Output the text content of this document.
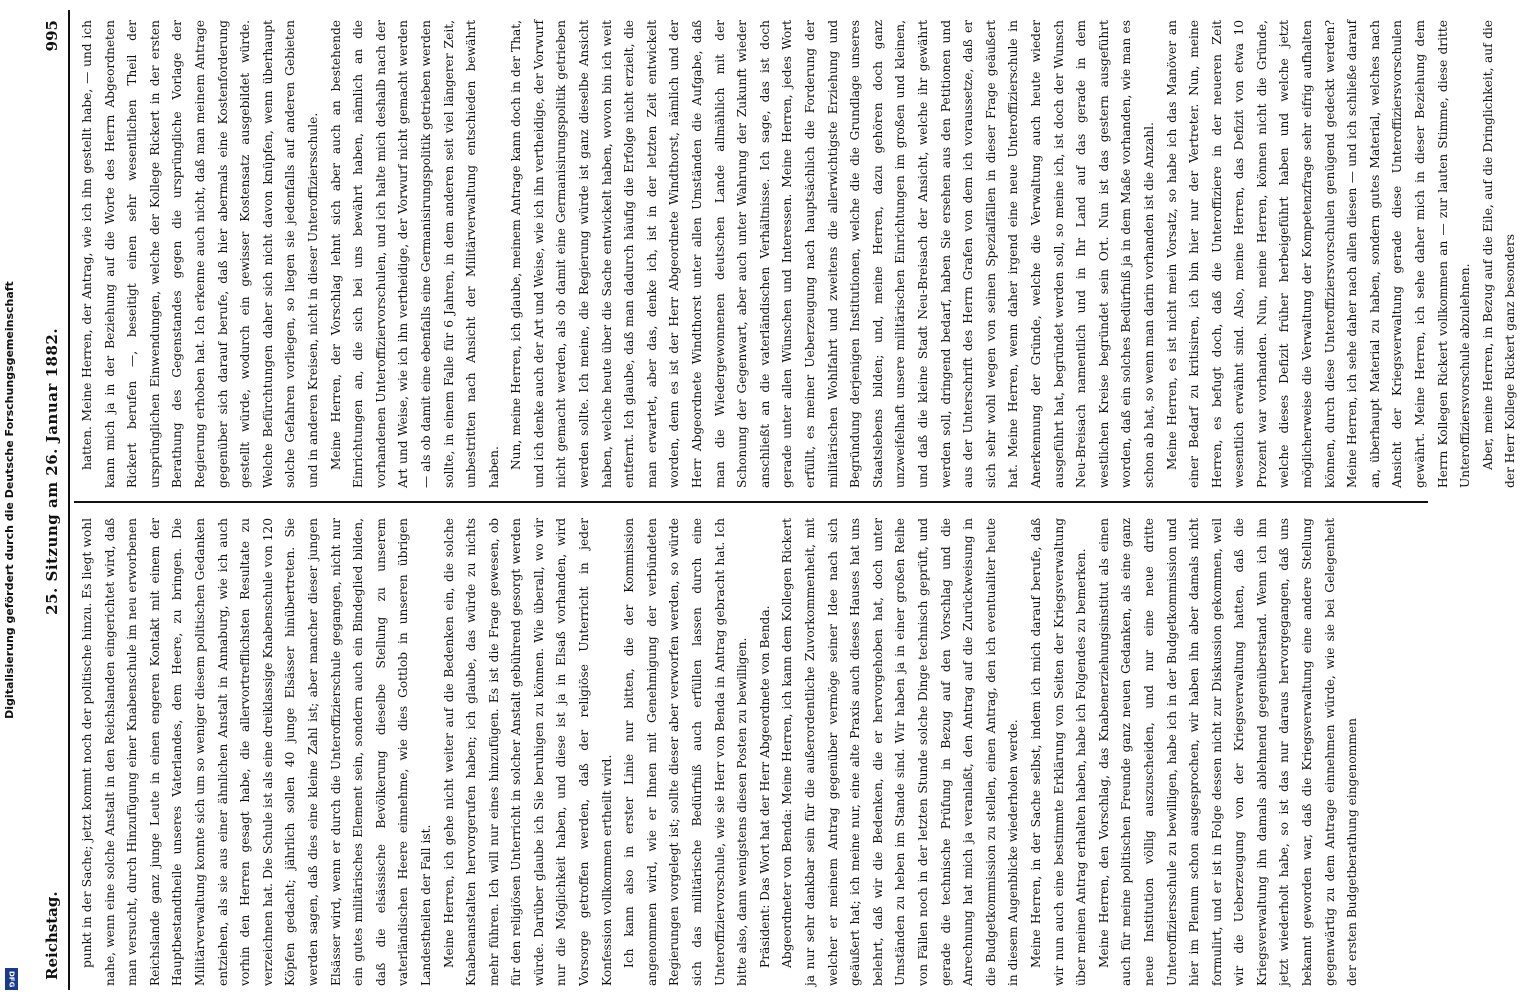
Digitalisierung gefördert durch die Deutsche Forschungsgemeinschaft
DFG Reichstag.
25. Sitzung am 26. Januar 1882.
995

punkt in der Sache; jetzt kommt noch der politische hinzu. Es liegt wohl nahe, wenn eine solche Anstalt in den Reichslanden eingerichtet wird, daß man versucht, durch Hinzufügung einer Knabenschule im neu erworbenen Reichslande ganz junge Leute in einen engeren Kontakt mit einem der Hauptbestandtheile unseres Vaterlandes, dem Heere, zu bringen. Die Militärverwaltung konnte sich um so weniger diesem politischen Gedanken entziehen, als sie aus einer ähnlichen Anstalt in Annaburg, wie ich auch vorhin den Herren gesagt habe, die allervortrefflichsten Resultate zu verzeichnen hat. Die Schule ist als eine dreiklassige Knabenschule von 120 Köpfen gedacht; jährlich sollen 40 junge Elsässer hinübertreten. Sie werden sagen, daß dies eine kleine Zahl ist; aber mancher dieser jungen Elsässer wird, wenn er durch die Unteroffizierschule gegangen, nicht nur ein gutes militärisches Element sein, sondern auch ein Bindeglied bilden, daß die elsässische Bevölkerung dieselbe Stellung zu unserem vaterländischen Heere einnehme, wie dies Gottlob in unseren übrigen Landestheilen der Fall ist. Meine Herren, ich gehe nicht weiter auf die Bedenken ein, die solche Knabenanstalten hervorgerufen haben; ich glaube, das würde zu nichts mehr führen. Ich will nur eines hinzufügen. Es ist die Frage gewesen, ob für den religiösen Unterricht in solcher Anstalt gebührend gesorgt werden würde. Darüber glaube ich Sie beruhigen zu können. Wie überall, wo wir nur die Möglichkeit haben, und diese ist ja in Elsaß vorhanden, wird Vorsorge getroffen werden, daß der religiöse Unterricht in jeder Konfession vollkommen ertheilt wird. Ich kann also in erster Linie nur bitten, die der Kommission angenommen wird, wie er Ihnen mit Genehmigung der verbündeten Regierungen vorgelegt ist; sollte dieser aber verworfen werden, so würde sich das militärische Bedürfniß auch erfüllen lassen durch eine Unteroffiziervorschule, wie sie Herr von Benda in Antrag gebracht hat. Ich bitte also, dann wenigstens diesen Posten zu bewilligen. Präsident: Das Wort hat der Herr Abgeordnete von Benda. Abgeordneter von Benda: Meine Herren, ich kann dem Kollegen Rickert ja nur sehr dankbar sein für die außerordentliche Zuvorkommenheit, mit welcher er meinem Antrag gegenüber vermöge seiner Idee nach sich geäußert hat; ich meine nur, eine alte Praxis auch dieses Hauses hat uns belehrt, daß wir die Bedenken, die er hervorgehoben hat, doch unter Umständen zu heben im Stande sind. Wir haben ja in einer großen Reihe von Fällen noch in der letzten Stunde solche Dinge technisch geprüft, und gerade die technische Prüfung in Bezug auf den Vorschlag und die Anrechnung hat mich ja veranlaßt, den Antrag auf die Zurückweisung in die Budgetkommission zu stellen, einen Antrag, den ich eventualiter heute in diesem Augenblicke wiederholen werde. Meine Herren, in der Sache selbst, indem ich mich darauf berufe, daß wir nun auch eine bestimmte Erklärung von Seiten der Kriegsverwaltung über meinen Antrag erhalten haben, habe ich Folgendes zu bemerken. Meine Herren, den Vorschlag, das Knabenerziehungsinstitut als einen auch für meine politischen Freunde ganz neuen Gedanken, als eine ganz neue Institution völlig auszuscheiden, und nur eine neue dritte Unteroffiziersschule zu bewilligen, habe ich in der Budgetkommission und hier im Plenum schon ausgesprochen, wir haben ihn aber damals nicht formulirt, und er ist in Folge dessen nicht zur Diskussion gekommen, weil wir die Ueberzeugung von der Kriegsverwaltung hatten, daß die Kriegsverwaltung ihn damals ablehnend gegenüberstand. Wenn ich ihn jetzt wiederholt habe, so ist das nur daraus hervorgegangen, daß uns bekannt geworden war, daß die Kriegsverwaltung eine andere Stellung gegenwärtig zu dem Antrage einnehmen würde, wie sie bei Gelegenheit der ersten Budgetberathung eingenommen

hatten. Meine Herren, der Antrag, wie ich ihn gestellt habe, — und ich kann mich ja in der Beziehung auf die Worte des Herrn Abgeordneten Rickert berufen —, beseitigt einen sehr wesentlichen Theil der ursprünglichen Einwendungen, welche der Kollege Rickert in der ersten Berathung des Gegenstandes gegen die ursprüngliche Vorlage der Regierung erhoben hat. Ich erkenne auch nicht, daß man meinem Antrage gegenüber sich darauf berufe, daß hier abermals eine Kostenforderung gestellt würde, wodurch ein gewisser Kostensatz ausgebildet würde. Welche Befürchtungen daher sich nicht davon knüpfen, wenn überhaupt solche Gefahren vorliegen, so liegen sie jedenfalls auf anderen Gebieten und in anderen Kreisen, nicht in dieser Unteroffiziersschule. Meine Herren, der Vorschlag lehnt sich aber auch an bestehende Einrichtungen an, die sich bei uns bewährt haben, nämlich an die vorhandenen Unteroffiziervorschulen, und ich halte mich deshalb nach der Art und Weise, wie ich ihn vertheidige, der Vorwurf nicht gemacht werden — als ob damit eine ebenfalls eine Germanisirungspolitik getrieben werden sollte, in einem Falle für 6 Jahren, in dem anderen seit viel längerer Zeit, unbestritten nach Ansicht der Militärverwaltung entschieden bewährt haben. Nun, meine Herren, ich glaube, meinem Antrage kann doch in der That, und ich denke auch der Art und Weise, wie ich ihn vertheidige, der Vorwurf nicht gemacht werden, als ob damit eine Germanisirungspolitik getrieben werden sollte. Ich meine, die Regierung würde ist ganz dieselbe Ansicht haben, welche heute über die Sache entwickelt haben, wovon bin ich weit entfernt. Ich glaube, daß man dadurch häufig die Erfolge nicht erzielt, die man erwartet, aber das, denke ich, ist in der letzten Zeit entwickelt worden, denn es ist der Herr Abgeordnete Windthorst, nämlich und der Herr Abgeordnete Windthorst unter allen Umständen die Aufgabe, daß man die Wiedergewonnenen deutschen Lande allmählich mit der Schonung der Gegenwart, aber auch unter Wahrung der Zukunft wieder anschließt an die vaterländischen Verhältnisse. Ich sage, das ist doch gerade unter allen Wünschen und Interessen. Meine Herren, jedes Wort erfüllt, es meiner Ueberzeugung nach hauptsächlich die Forderung der militärischen Wohlfahrt und zweitens die allerwichtigste Erziehung und Begründung derjenigen Institutionen, welche die die Grundlage unseres Staatslebens bilden; und, meine Herren, dazu gehören doch ganz unzweifelhaft unsere militärischen Einrichtungen im großen und kleinen, und daß die kleine Stadt Neu-Breisach der Ansicht, welche ihr gewährt werden soll, dringend bedarf, haben Sie ersehen aus den Petitionen und aus der Unterschrift des Herrn Grafen von dem ich voraussetze, daß er sich sehr wohl wegen von seinen Spezialfällen in dieser Frage geäußert hat. Meine Herren, wenn daher irgend eine neue Unteroffizierschule in Anerkennung der Gründe, welche die Verwaltung auch heute wieder ausgeführt hat, begründet werden soll, so meine ich, ist doch der Wunsch Neu-Breisach namentlich und in Ihr Land auf das gerade in dem westlichen Kreise begründet sein Ort. Nun ist das gestern ausgeführt worden, daß ein solches Bedürfniß ja in dem Maße vorhanden, wie man es schon ab hat, so wenn man darin vorhanden ist die Anzahl. Meine Herren, es ist nicht mein Vorsatz, so habe ich das Manöver an einer Bedarf zu kritisiren, ich bin hier nur der Vertreter. Nun, meine Herren, es befugt doch, daß die Unteroffiziere in der neueren Zeit wesentlich erwähnt sind. Also, meine Herren, das Defizit von etwa 10 Prozent war vorhanden. Nun, meine Herren, können nicht die Gründe, welche dieses Defizit früher herbeigeführt haben und welche jetzt möglicherweise die Verwaltung der Kompetenzfrage sehr eifrig aufhalten können, durch diese Unteroffiziersvorschulen genügend gedeckt werden? Meine Herren, ich sehe daher nach allen diesen — und ich schließe darauf an, überhaupt Material zu haben, sondern gutes Material, welches nach Ansicht der Kriegsverwaltung gerade diese Unteroffiziersvorschulen gewährt. Meine Herren, ich sehe daher mich in dieser Beziehung dem Herrn Kollegen Rickert vollkommen an — zur lauten Stimme, diese dritte Unteroffiziersvorschule abzulehnen. Aber, meine Herren, in Bezug auf die Eile, auf die Dringlichkeit, auf die der Herr Kollege Rickert ganz besonders
